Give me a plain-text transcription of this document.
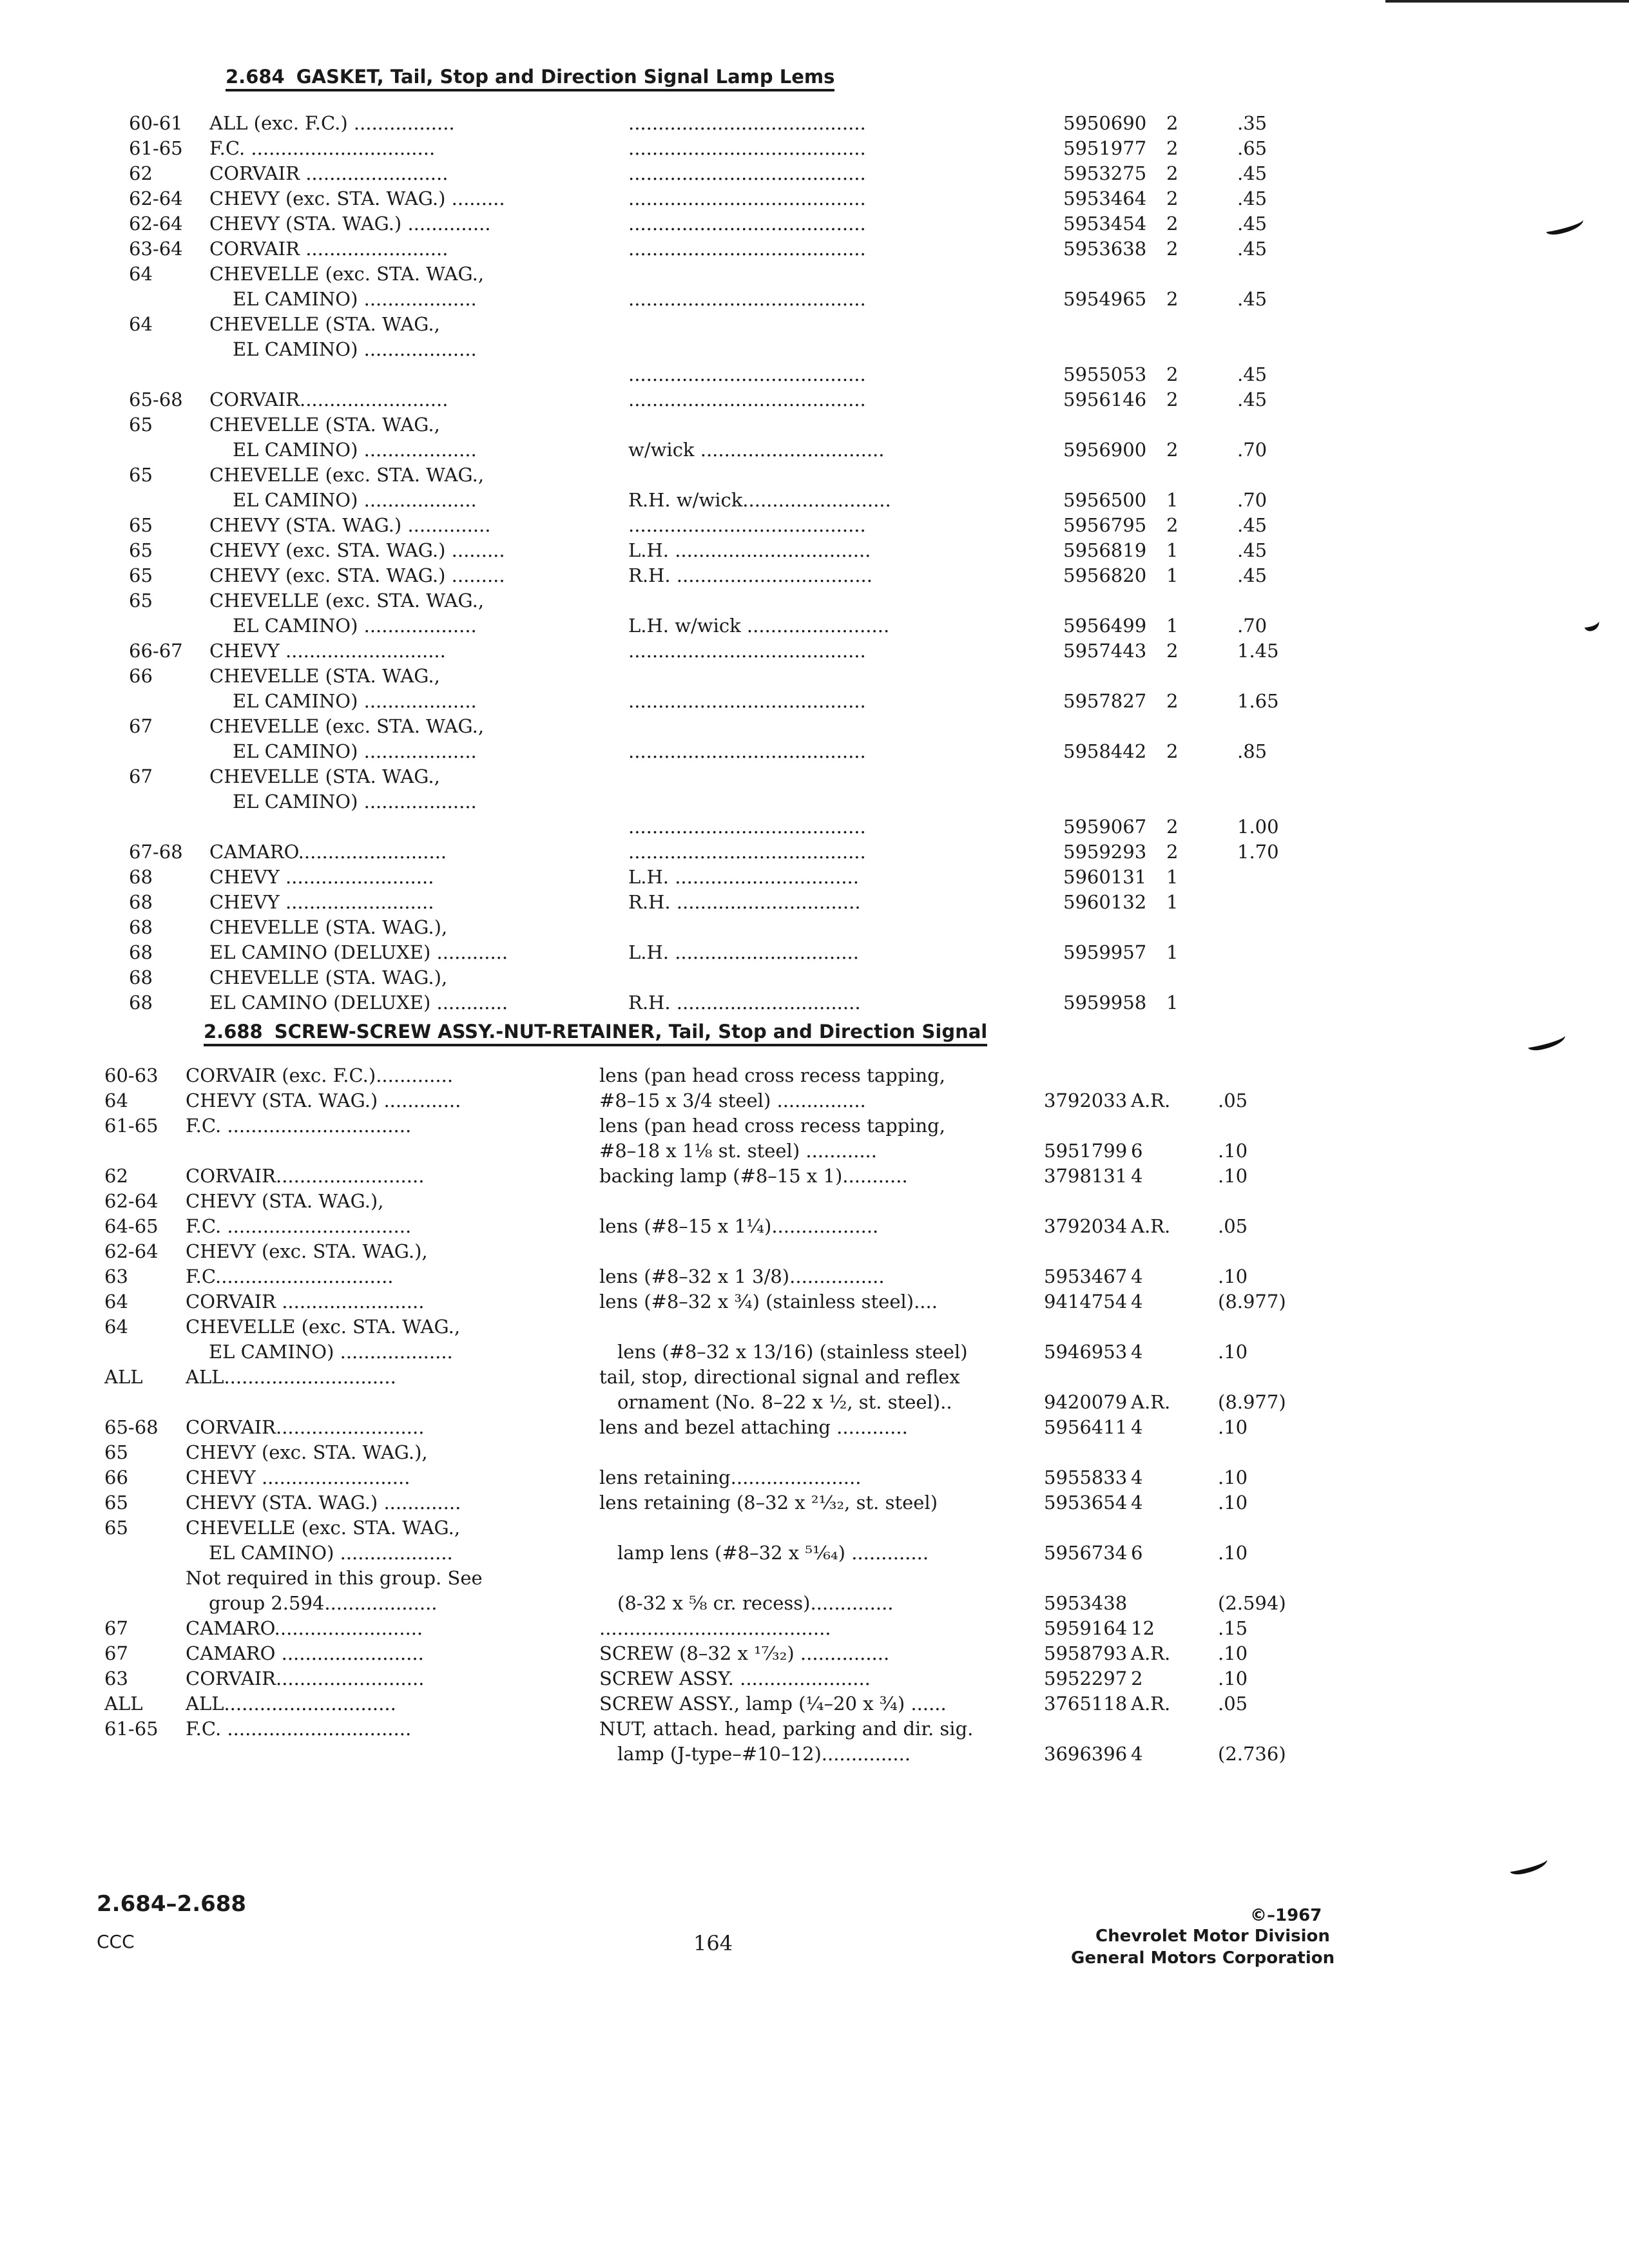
2.684 GASKET, Tail, Stop and Direction Signal Lamp Lems
60-61 ALL (exc. F.C.) .................	........................................	5950690 2	.35
61-65 F.C. ...............................	........................................	5951977 2	.65
62	CORVAIR ........................	........................................	5953275 2	.45
62-64 CHEVY (exc. STA. WAG.) .........	........................................	5953464 2	.45
62-64 CHEVY (STA. WAG.) ..............	........................................	5953454 2	.45
63-64 CORVAIR ........................	........................................	5953638 2	.45
64	CHEVELLE (exc. STA. WAG.,
EL CAMINO) ...................	........................................	5954965 2	.45
64	CHEVELLE (STA. WAG.,
EL CAMINO) ...................
........................................	5955053 2	.45
65-68 CORVAIR.........................	........................................	5956146 2	.45
65	CHEVELLE (STA. WAG.,
EL CAMINO) ...................	w/wick ...............................	5956900 2	.70
65	CHEVELLE (exc. STA. WAG.,
EL CAMINO) ...................	R.H. w/wick.........................	5956500 1	.70
65	CHEVY (STA. WAG.) ..............	........................................	5956795 2	.45
65	CHEVY (exc. STA. WAG.) .........	L.H. .................................	5956819 1	.45
65	CHEVY (exc. STA. WAG.) .........	R.H. .................................	5956820 1	.45
65	CHEVELLE (exc. STA. WAG.,
EL CAMINO) ...................	L.H. w/wick ........................	5956499 1	.70
66-67 CHEVY ...........................	........................................	5957443 2	1.45
66	CHEVELLE (STA. WAG.,
EL CAMINO) ...................	........................................	5957827 2	1.65
67	CHEVELLE (exc. STA. WAG.,
EL CAMINO) ...................	........................................	5958442 2	.85
67	CHEVELLE (STA. WAG.,
EL CAMINO) ...................
........................................	5959067 2	1.00
67-68 CAMARO.........................	........................................	5959293 2	1.70
68	CHEVY .........................	L.H. ...............................	5960131 1
68	CHEVY .........................	R.H. ...............................	5960132 1
68	CHEVELLE (STA. WAG.),
68	EL CAMINO (DELUXE) ............	L.H. ...............................	5959957 1
68	CHEVELLE (STA. WAG.),
68	EL CAMINO (DELUXE) ............	R.H. ...............................	5959958 1
2.688 SCREW-SCREW ASSY.-NUT-RETAINER, Tail, Stop and Direction Signal
60-63 CORVAIR (exc. F.C.).............	lens (pan head cross recess tapping,
64	CHEVY (STA. WAG.) .............	#8–15 x 3/4 steel) ...............	3792033 A.R.	.05
61-65 F.C. ...............................	lens (pan head cross recess tapping,
#8–18 x 1⅛ st. steel) ............	5951799 6	.10
62	CORVAIR.........................	backing lamp (#8–15 x 1)...........	3798131 4	.10
62-64 CHEVY (STA. WAG.),
64-65 F.C. ...............................	lens (#8–15 x 1¼)..................	3792034 A.R.	.05
62-64 CHEVY (exc. STA. WAG.),
63	F.C..............................	lens (#8–32 x 1 3/8)................	5953467 4	.10
64	CORVAIR ........................	lens (#8–32 x ¾) (stainless steel)....	9414754 4	(8.977)
64	CHEVELLE (exc. STA. WAG.,
EL CAMINO) ...................	lens (#8–32 x 13/16) (stainless steel)	5946953 4	.10
ALL ALL.............................	tail, stop, directional signal and reflex
ornament (No. 8–22 x ½, st. steel)..	9420079 A.R.	(8.977)
65-68 CORVAIR.........................	lens and bezel attaching ............	5956411 4	.10
65	CHEVY (exc. STA. WAG.),
66	CHEVY .........................	lens retaining......................	5955833 4	.10
65	CHEVY (STA. WAG.) .............	lens retaining (8–32 x ²¹⁄₃₂, st. steel)	5953654 4	.10
65	CHEVELLE (exc. STA. WAG.,
EL CAMINO) ...................	lamp lens (#8–32 x ⁵¹⁄₆₄) .............	5956734 6	.10
Not required in this group. See
group 2.594...................	(8-32 x ⅝ cr. recess)..............	5953438	(2.594)
67	CAMARO.........................	.......................................	5959164 12	.15
67	CAMARO ........................	SCREW (8–32 x ¹⁷⁄₃₂) ...............	5958793 A.R.	.10
63	CORVAIR.........................	SCREW ASSY. ......................	5952297 2	.10
ALL ALL.............................	SCREW ASSY., lamp (¼–20 x ¾) ......	3765118 A.R.	.05
61-65 F.C. ...............................	NUT, attach. head, parking and dir. sig.
lamp (J-type–#10–12)...............	3696396 4	(2.736)
2.684–2.688
CCC	164
©–1967
Chevrolet Motor Division
General Motors Corporation
